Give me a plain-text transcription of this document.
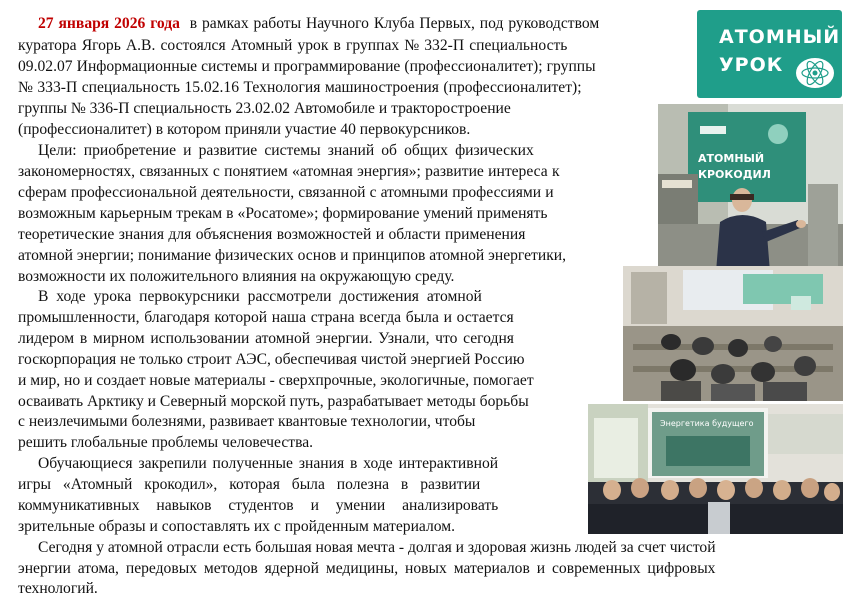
27 января 2026 года в рамках работы Научного Клуба Первых, под руководством
куратора Ягорь А.В. состоялся Атомный урок в группах № 332-П специальность
09.02.07 Информационные системы и программирование (профессионалитет); группы
№ 333-П специальность 15.02.16 Технология машиностроения (профессионалитет);
группы № 336-П специальность 23.02.02 Автомобиле и тракторостроение
(профессионалитет) в котором приняли участие 40 первокурсников.
Цели: приобретение и развитие системы знаний об общих физических
закономерностях, связанных с понятием «атомная энергия»; развитие интереса к
сферам профессиональной деятельности, связанной с атомными профессиями и
возможным карьерным трекам в «Росатоме»; формирование умений применять
теоретические знания для объяснения возможностей и области применения
атомной энергии; понимание физических основ и принципов атомной энергетики,
возможности их положительного влияния на окружающую среду.
В ходе урока первокурсники рассмотрели достижения атомной
промышленности, благодаря которой наша страна всегда была и остается
лидером в мирном использовании атомной энергии. Узнали, что сегодня
госкорпорация не только строит АЭС, обеспечивая чистой энергией Россию
и мир, но и создает новые материалы - сверхпрочные, экологичные, помогает
осваивать Арктику и Северный морской путь, разрабатывает методы борьбы
с неизлечимыми болезнями, развивает квантовые технологии, чтобы
решить глобальные проблемы человечества.
Обучающиеся закрепили полученные знания в ходе интерактивной
игры «Атомный крокодил», которая была полезна в развитии
коммуникативных навыков студентов и умении анализировать
зрительные образы и сопоставлять их с пройденным материалом.
Сегодня у атомной отрасли есть большая новая мечта - долгая и здоровая жизнь людей за счет чистой
энергии атома, передовых методов ядерной медицины, новых материалов и современных цифровых
технологий.
АТОМНЫЙ
УРОК
АТОМНЫЙ
КРОКОДИЛ
Энергетика будущего
